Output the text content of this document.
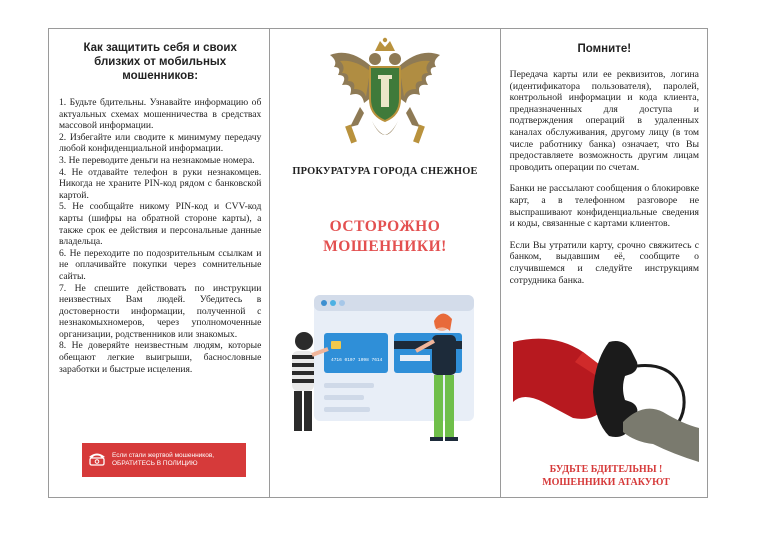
Как защитить себя и своих близких от мобильных мошенников:

1. Будьте бдительны. Узнавайте информацию об актуальных схемах мошенничества в средствах массовой информации.

2. Избегайте или сводите к минимуму передачу любой конфиденциальной информации.

3. Не переводите деньги на незнакомые номера.

4. Не отдавайте телефон в руки незнакомцев. Никогда не храните PIN-код рядом с банковской картой.

5. Не сообщайте никому PIN-код и CVV-код карты (шифры на обратной стороне карты), а также срок ее действия и персональные данные владельца.

6. Не переходите по подозрительным ссылкам и не оплачивайте покупки через сомнительные сайты.

7. Не спешите действовать по инструкции неизвестных Вам людей. Убедитесь в достоверности информации, полученной с незнакомыхномеров, через уполномоченные организации, родственников или знакомых.

8. Не доверяйте неизвестным людям, которые обещают легкие выигрыши, баснословные заработки и быстрые исцеления.

Если стали жертвой мошенников,
ОБРАТИТЕСЬ В ПОЛИЦИЮ
ПРОКУРАТУРА ГОРОДА СНЕЖНОЕ
ОСТОРОЖНО
МОШЕННИКИ!
4716 0107 1098 7614
Помните!

Передача карты или ее реквизитов, логина (идентификатора пользователя), паролей, контрольной информации и кода клиента, предназначенных для доступа и подтверждения операций в удаленных каналах обслуживания, другому лицу (в том числе работнику банка) означает, что Вы предоставляете возможность другим лицам проводить операции по счетам.

Банки не рассылают сообщения о блокировке карт, а в телефонном разговоре не выспрашивают конфиденциальные сведения и коды, связанные с картами клиентов.

Если Вы утратили карту, срочно свяжитесь с банком, выдавшим её, сообщите о случившемся и следуйте инструкциям сотрудника банка.

БУДЬТЕ БДИТЕЛЬНЫ !
МОШЕННИКИ АТАКУЮТ
